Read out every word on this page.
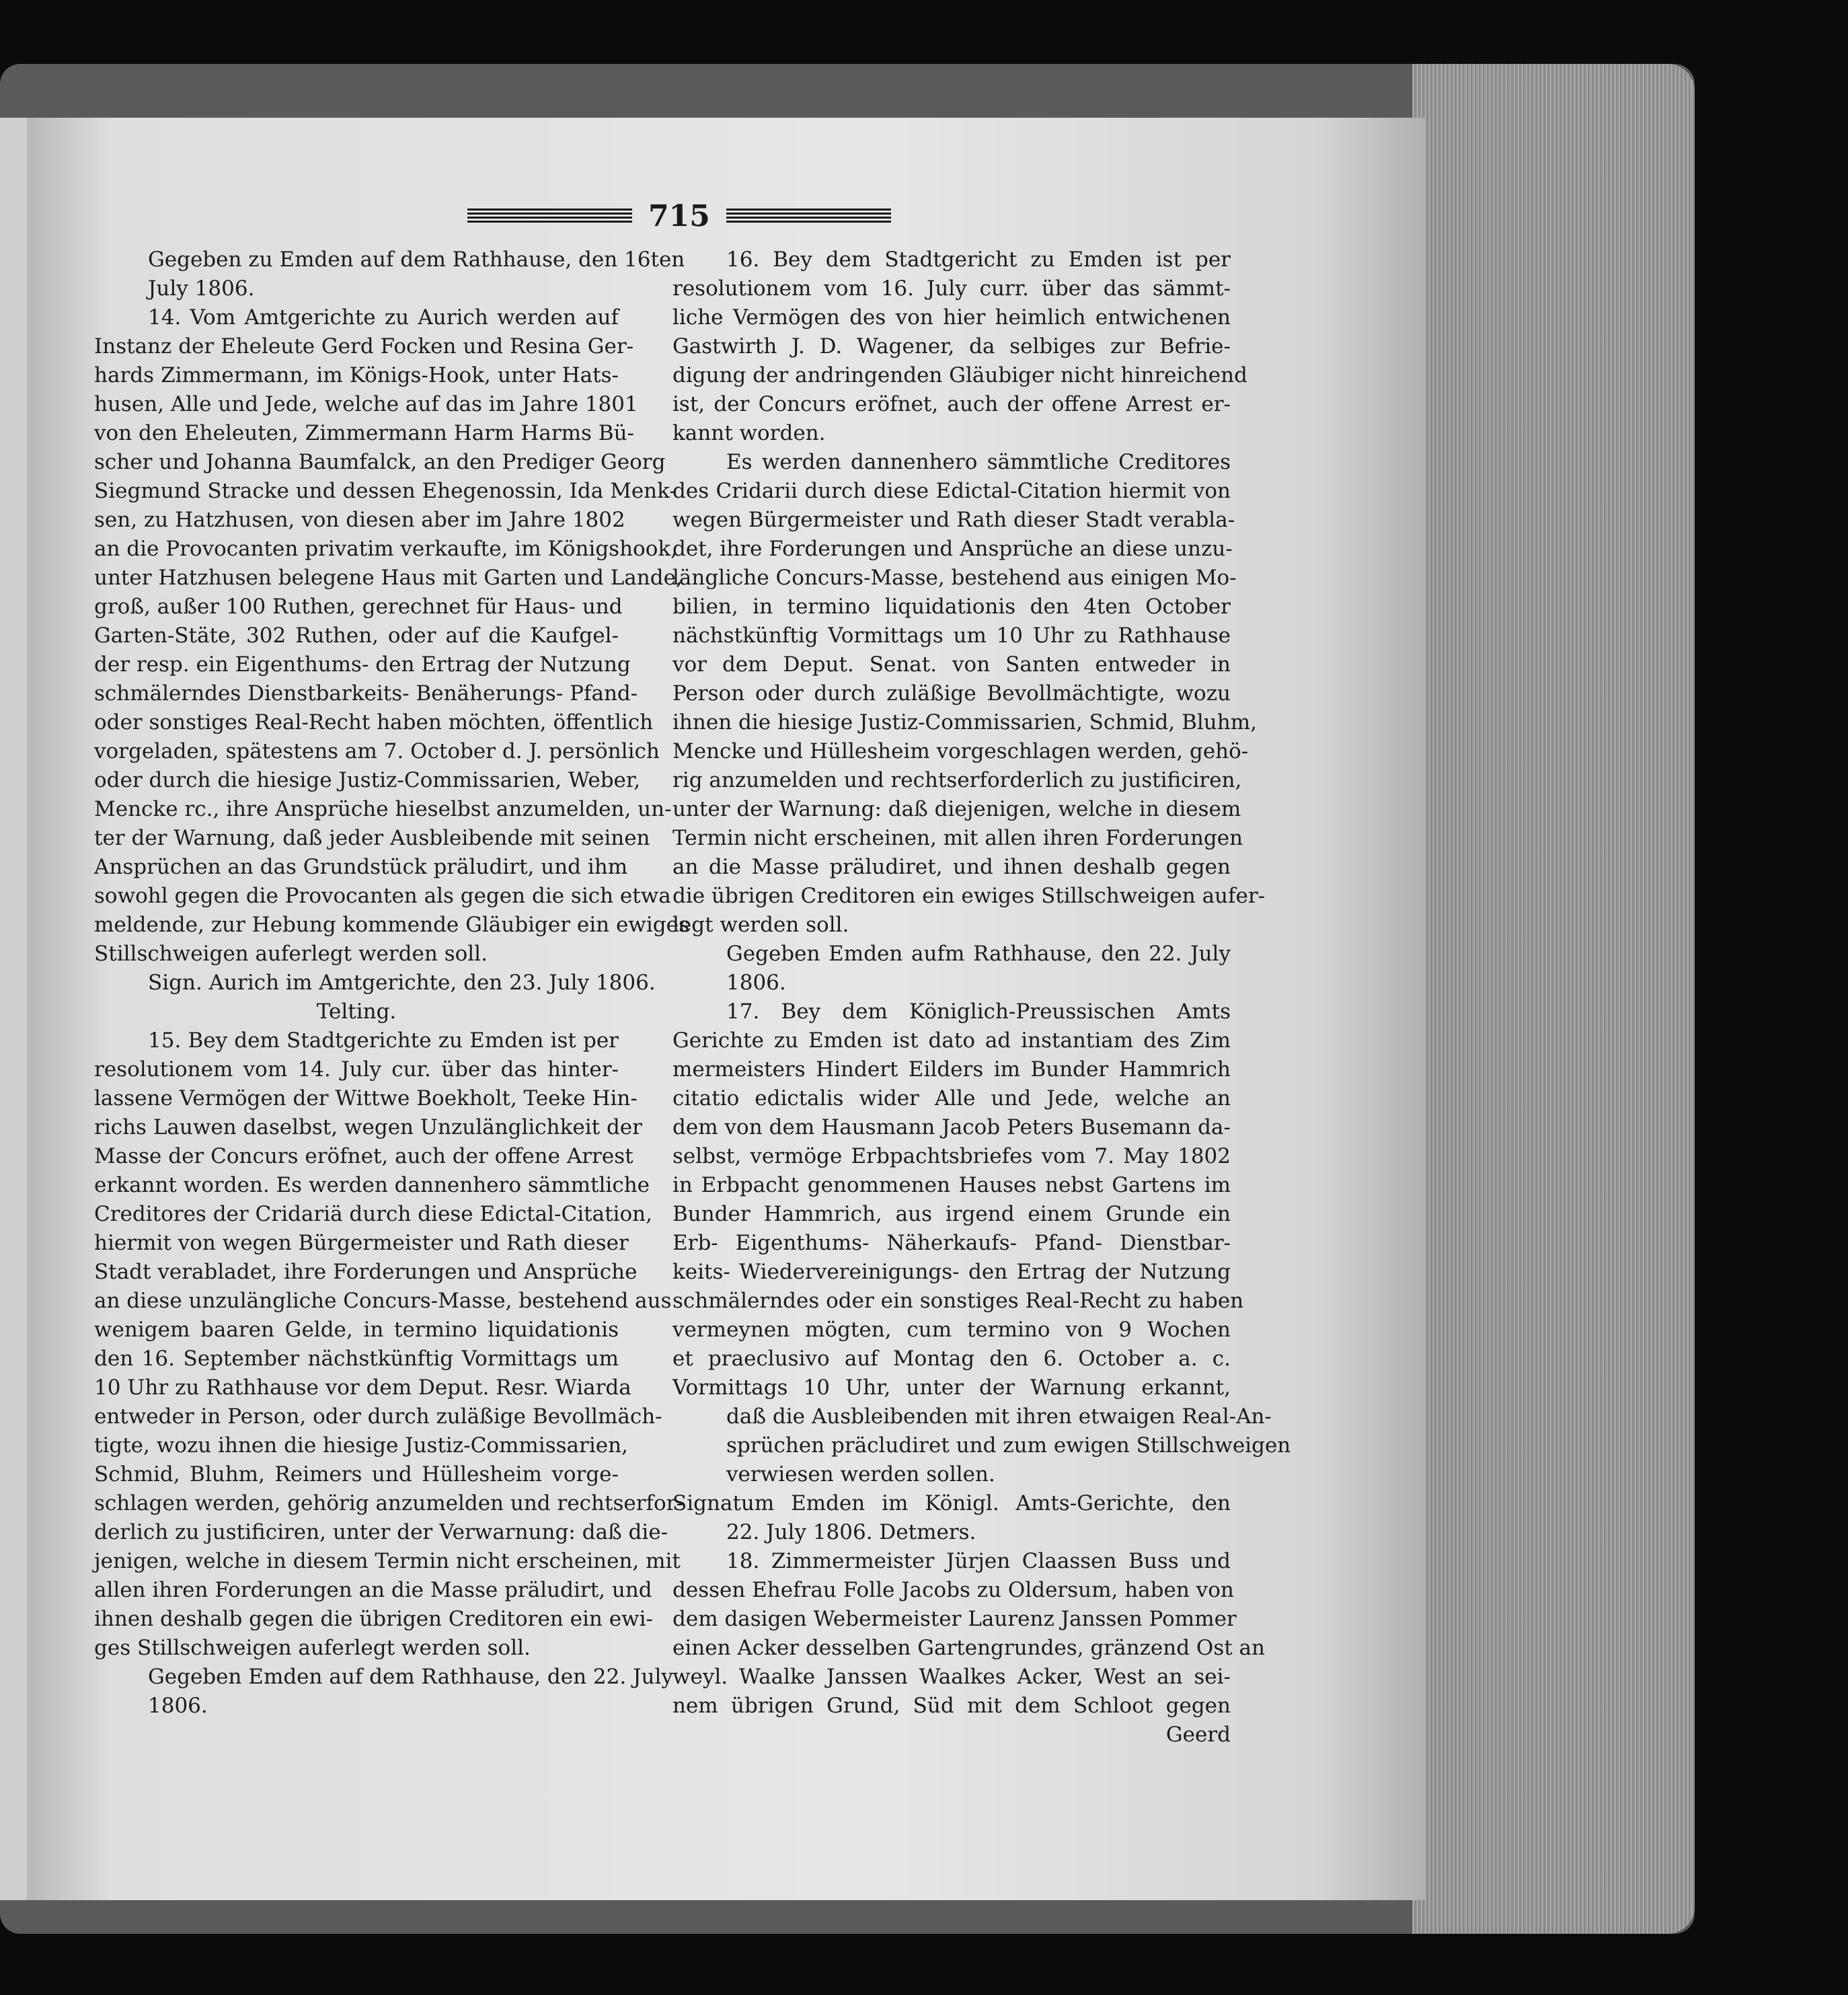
715
Gegeben zu Emden auf dem Rathhause, den 16ten
July 1806.
14. Vom Amtgerichte zu Aurich werden auf
Instanz der Eheleute Gerd Focken und Resina Ger-
hards Zimmermann, im Königs-Hook, unter Hats-
husen, Alle und Jede, welche auf das im Jahre 1801
von den Eheleuten, Zimmermann Harm Harms Bü-
scher und Johanna Baumfalck, an den Prediger Georg
Siegmund Stracke und dessen Ehegenossin, Ida Menk-
sen, zu Hatzhusen, von diesen aber im Jahre 1802
an die Provocanten privatim verkaufte, im Königshook,
unter Hatzhusen belegene Haus mit Garten und Lande,
groß, außer 100 Ruthen, gerechnet für Haus- und
Garten-Stäte, 302 Ruthen, oder auf die Kaufgel-
der resp. ein Eigenthums- den Ertrag der Nutzung
schmälerndes Dienstbarkeits- Benäherungs- Pfand-
oder sonstiges Real-Recht haben möchten, öffentlich
vorgeladen, spätestens am 7. October d. J. persönlich
oder durch die hiesige Justiz-Commissarien, Weber,
Mencke rc., ihre Ansprüche hieselbst anzumelden, un-
ter der Warnung, daß jeder Ausbleibende mit seinen
Ansprüchen an das Grundstück präludirt, und ihm
sowohl gegen die Provocanten als gegen die sich etwa
meldende, zur Hebung kommende Gläubiger ein ewiges
Stillschweigen auferlegt werden soll.
Sign. Aurich im Amtgerichte, den 23. July 1806.
Telting.
15. Bey dem Stadtgerichte zu Emden ist per
resolutionem vom 14. July cur. über das hinter-
lassene Vermögen der Wittwe Boekholt, Teeke Hin-
richs Lauwen daselbst, wegen Unzulänglichkeit der
Masse der Concurs eröfnet, auch der offene Arrest
erkannt worden. Es werden dannenhero sämmtliche
Creditores der Cridariä durch diese Edictal-Citation,
hiermit von wegen Bürgermeister und Rath dieser
Stadt verabladet, ihre Forderungen und Ansprüche
an diese unzulängliche Concurs-Masse, bestehend aus
wenigem baaren Gelde, in termino liquidationis
den 16. September nächstkünftig Vormittags um
10 Uhr zu Rathhause vor dem Deput. Resr. Wiarda
entweder in Person, oder durch zuläßige Bevollmäch-
tigte, wozu ihnen die hiesige Justiz-Commissarien,
Schmid, Bluhm, Reimers und Hüllesheim vorge-
schlagen werden, gehörig anzumelden und rechtserfor-
derlich zu justificiren, unter der Verwarnung: daß die-
jenigen, welche in diesem Termin nicht erscheinen, mit
allen ihren Forderungen an die Masse präludirt, und
ihnen deshalb gegen die übrigen Creditoren ein ewi-
ges Stillschweigen auferlegt werden soll.
Gegeben Emden auf dem Rathhause, den 22. July
1806.
16. Bey dem Stadtgericht zu Emden ist per
resolutionem vom 16. July curr. über das sämmt-
liche Vermögen des von hier heimlich entwichenen
Gastwirth J. D. Wagener, da selbiges zur Befrie-
digung der andringenden Gläubiger nicht hinreichend
ist, der Concurs eröfnet, auch der offene Arrest er-
kannt worden.
Es werden dannenhero sämmtliche Creditores
des Cridarii durch diese Edictal-Citation hiermit von
wegen Bürgermeister und Rath dieser Stadt verabla-
det, ihre Forderungen und Ansprüche an diese unzu-
längliche Concurs-Masse, bestehend aus einigen Mo-
bilien, in termino liquidationis den 4ten October
nächstkünftig Vormittags um 10 Uhr zu Rathhause
vor dem Deput. Senat. von Santen entweder in
Person oder durch zuläßige Bevollmächtigte, wozu
ihnen die hiesige Justiz-Commissarien, Schmid, Bluhm,
Mencke und Hüllesheim vorgeschlagen werden, gehö-
rig anzumelden und rechtserforderlich zu justificiren,
unter der Warnung: daß diejenigen, welche in diesem
Termin nicht erscheinen, mit allen ihren Forderungen
an die Masse präludiret, und ihnen deshalb gegen
die übrigen Creditoren ein ewiges Stillschweigen aufer-
legt werden soll.
Gegeben Emden aufm Rathhause, den 22. July
1806.
17. Bey dem Königlich-Preussischen Amts
Gerichte zu Emden ist dato ad instantiam des Zim
mermeisters Hindert Eilders im Bunder Hammrich
citatio edictalis wider Alle und Jede, welche an
dem von dem Hausmann Jacob Peters Busemann da-
selbst, vermöge Erbpachtsbriefes vom 7. May 1802
in Erbpacht genommenen Hauses nebst Gartens im
Bunder Hammrich, aus irgend einem Grunde ein
Erb- Eigenthums- Näherkaufs- Pfand- Dienstbar-
keits- Wiedervereinigungs- den Ertrag der Nutzung
schmälerndes oder ein sonstiges Real-Recht zu haben
vermeynen mögten, cum termino von 9 Wochen
et praeclusivo auf Montag den 6. October a. c.
Vormittags 10 Uhr, unter der Warnung erkannt,
daß die Ausbleibenden mit ihren etwaigen Real-An-
sprüchen präcludiret und zum ewigen Stillschweigen
verwiesen werden sollen.
Signatum Emden im Königl. Amts-Gerichte, den
22. July 1806. Detmers.
18. Zimmermeister Jürjen Claassen Buss und
dessen Ehefrau Folle Jacobs zu Oldersum, haben von
dem dasigen Webermeister Laurenz Janssen Pommer
einen Acker desselben Gartengrundes, gränzend Ost an
weyl. Waalke Janssen Waalkes Acker, West an sei-
nem übrigen Grund, Süd mit dem Schloot gegen
Geerd
